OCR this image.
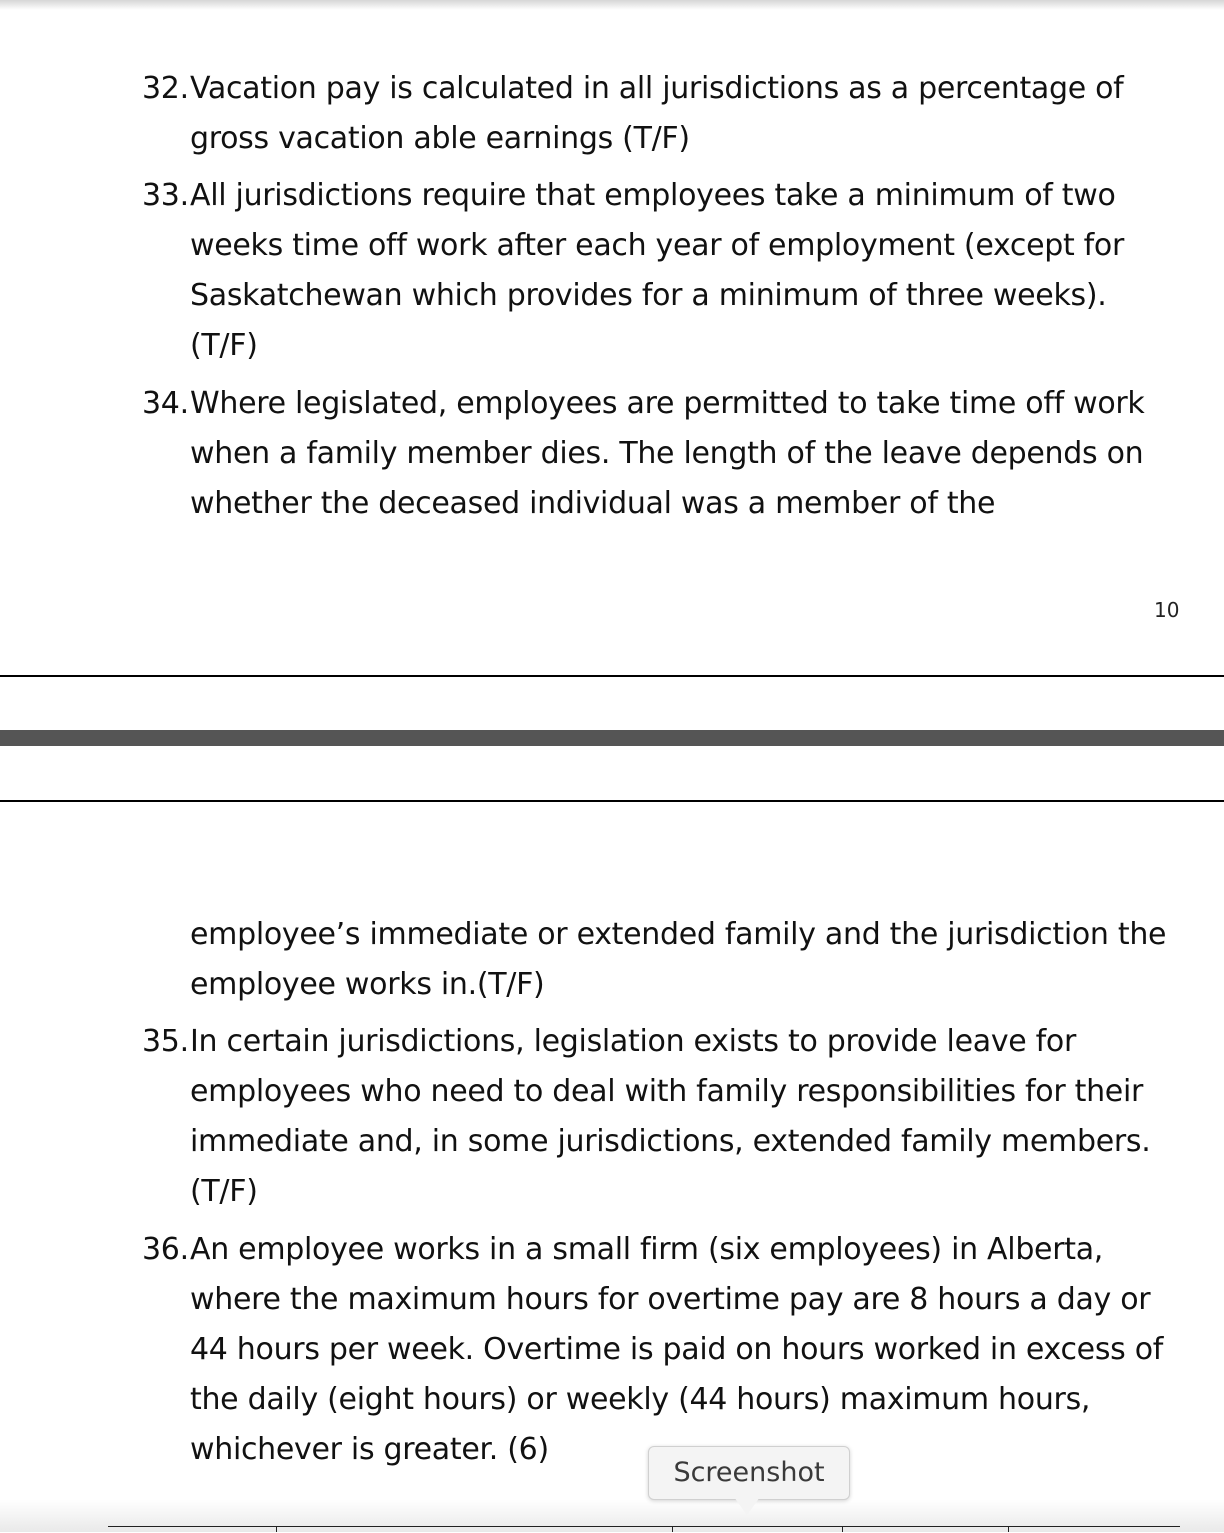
32. Vacation pay is calculated in all jurisdictions as a percentage of gross vacation able earnings (T/F)
33. All jurisdictions require that employees take a minimum of two weeks time off work after each year of employment (except for Saskatchewan which provides for a minimum of three weeks). (T/F)
34. Where legislated, employees are permitted to take time off work when a family member dies. The length of the leave depends on whether the deceased individual was a member of the
10
employee’s immediate or extended family and the jurisdiction the employee works in.(T/F)
35. In certain jurisdictions, legislation exists to provide leave for employees who need to deal with family responsibilities for their immediate and, in some jurisdictions, extended family members. (T/F)
36. An employee works in a small firm (six employees) in Alberta, where the maximum hours for overtime pay are 8 hours a day or 44 hours per week. Overtime is paid on hours worked in excess of the daily (eight hours) or weekly (44 hours) maximum hours, whichever is greater. (6)
Screenshot
